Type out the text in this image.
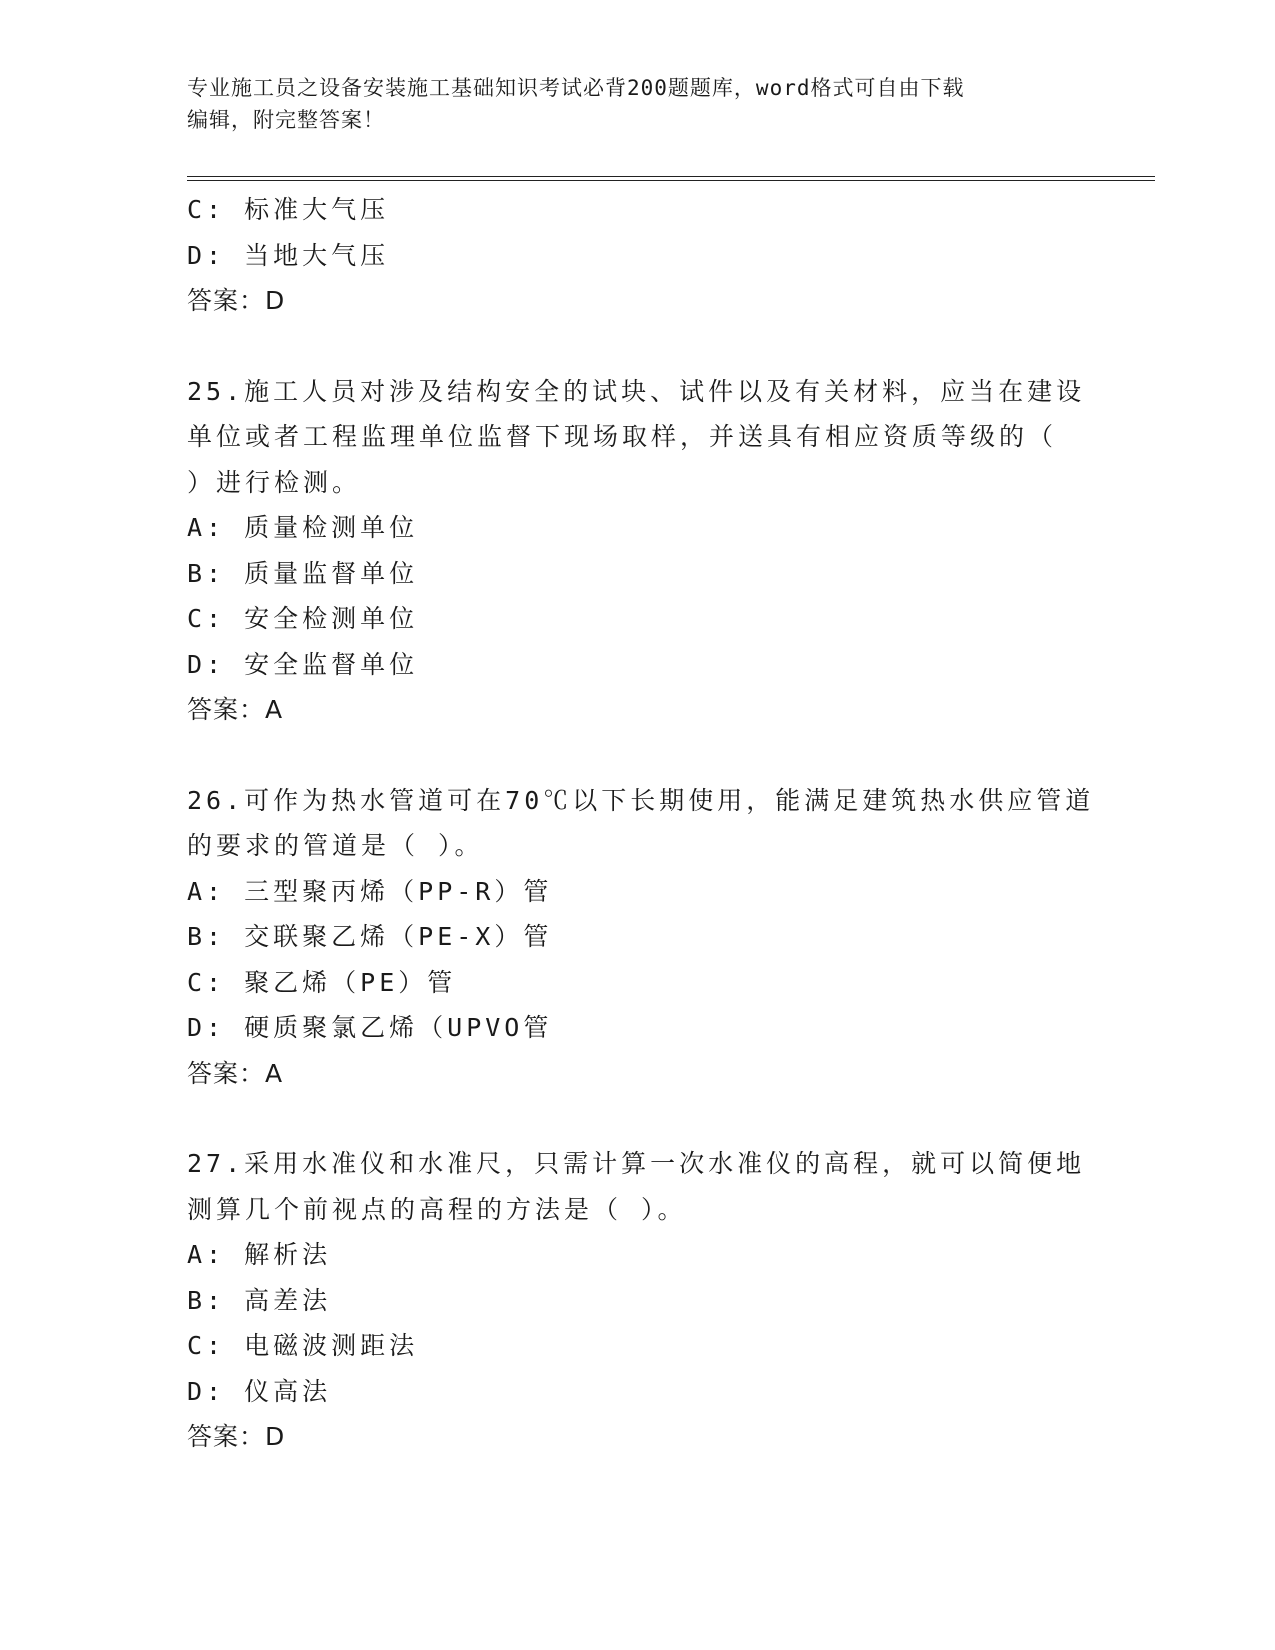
专业施工员之设备安装施工基础知识考试必背200题题库，word格式可自由下载
编辑，附完整答案！
C: 标准大气压
D: 当地大气压
答案：D
25.施工人员对涉及结构安全的试块、试件以及有关材料，应当在建设
单位或者工程监理单位监督下现场取样，并送具有相应资质等级的（
）进行检测。
A: 质量检测单位
B: 质量监督单位
C: 安全检测单位
D: 安全监督单位
答案：A
26.可作为热水管道可在70℃以下长期使用，能满足建筑热水供应管道
的要求的管道是（ ）。
A: 三型聚丙烯（PP-R）管
B: 交联聚乙烯（PE-X）管
C: 聚乙烯（PE）管
D: 硬质聚氯乙烯（UPVO管
答案：A
27.采用水准仪和水准尺，只需计算一次水准仪的高程，就可以简便地
测算几个前视点的高程的方法是（ ）。
A: 解析法
B: 高差法
C: 电磁波测距法
D: 仪高法
答案：D
